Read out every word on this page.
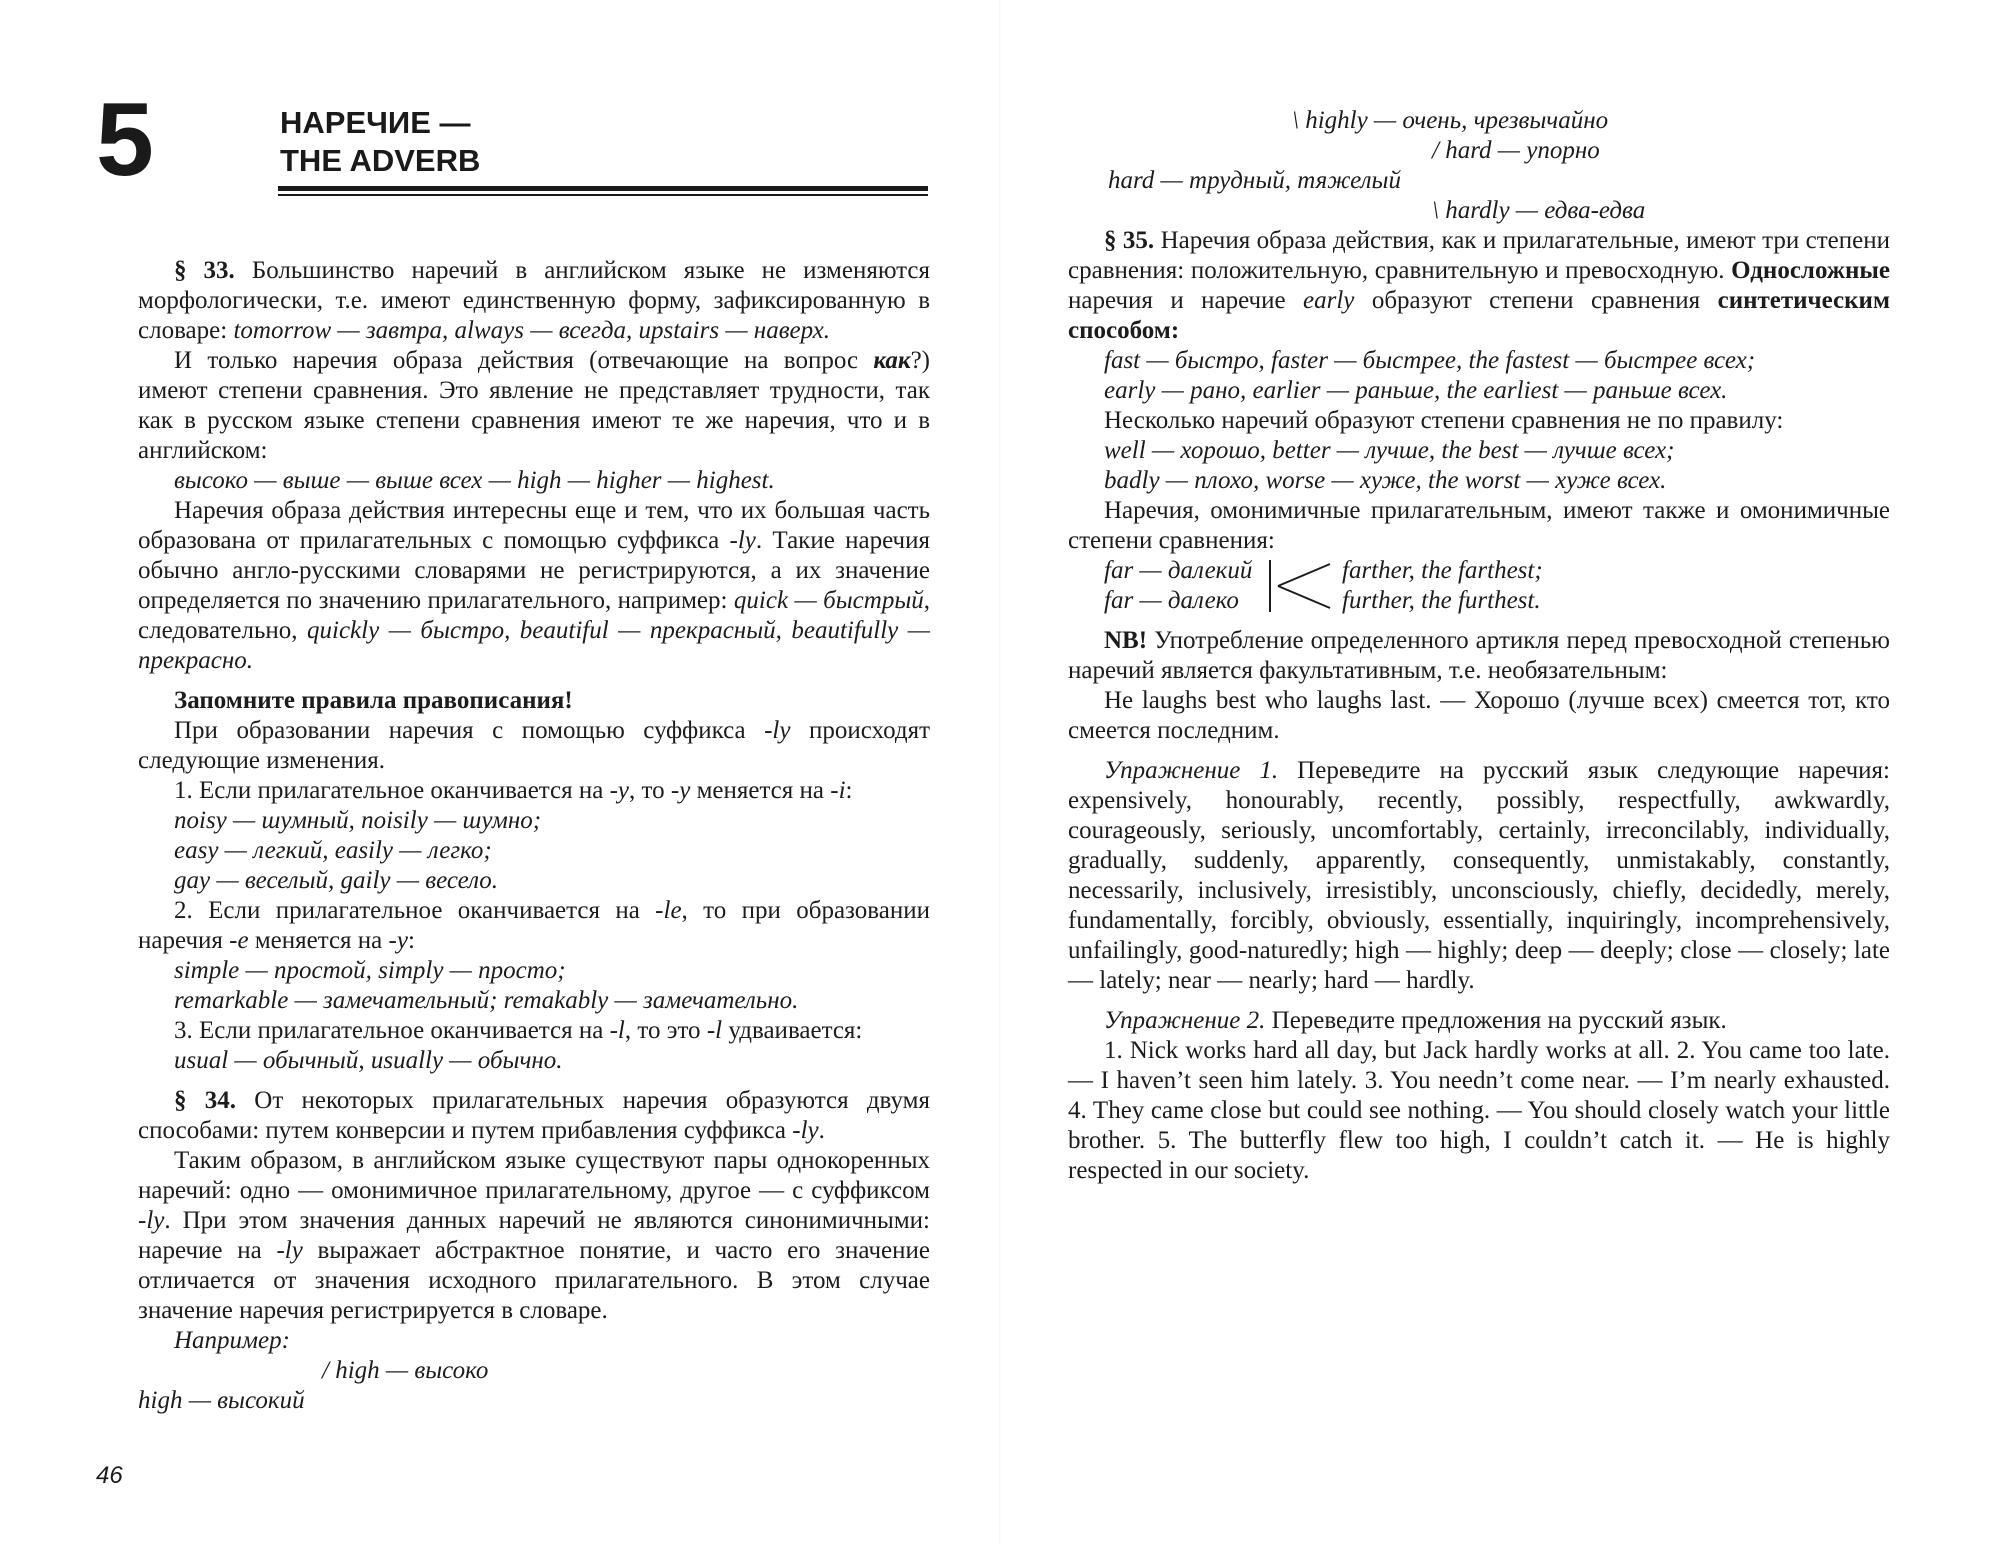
5	НАРЕЧИЕ —
THE ADVERB

§ 33. Большинство наречий в английском языке не изменяются морфологически, т.е. имеют единственную форму, зафиксированную в словаре: tomorrow — завтра, always — всегда, upstairs — наверх.

И только наречия образа действия (отвечающие на вопрос как?) имеют степени сравнения. Это явление не представляет трудности, так как в русском языке степени сравнения имеют те же наречия, что и в английском:

высоко — выше — выше всех — high — higher — highest.

Наречия образа действия интересны еще и тем, что их большая часть образована от прилагательных с помощью суффикса -ly. Такие наречия обычно англо-русскими словарями не регистрируются, а их значение определяется по значению прилагательного, например: quick — быстрый, следовательно, quickly — быстро, beautiful — прекрасный, beautifully — прекрасно.

Запомните правила правописания!

При образовании наречия с помощью суффикса -ly происходят следующие изменения.

1. Если прилагательное оканчивается на -y, то -y меняется на -i:

noisy — шумный, noisily — шумно;

easy — легкий, easily — легко;

gay — веселый, gaily — весело.

2. Если прилагательное оканчивается на -le, то при образовании наречия -e меняется на -y:

simple — простой, simply — просто;

remarkable — замечательный; remakably — замечательно.

3. Если прилагательное оканчивается на -l, то это -l удваивается:

usual — обычный, usually — обычно.

§ 34. От некоторых прилагательных наречия образуются двумя способами: путем конверсии и путем прибавления суффикса -ly.

Таким образом, в английском языке существуют пары однокоренных наречий: одно — омонимичное прилагательному, другое — с суффиксом -ly. При этом значения данных наречий не являются синонимичными: наречие на -ly выражает абстрактное понятие, и часто его значение отличается от значения исходного прилагательного. В этом случае значение наречия регистрируется в словаре.

Например:

/ high — высоко
high — высокий
46
\ highly — очень, чрезвычайно
/ hard — упорно
hard — трудный, тяжелый
\ hardly — едва-едва

§ 35. Наречия образа действия, как и прилагательные, имеют три степени сравнения: положительную, сравнительную и превосходную. Односложные наречия и наречие early образуют степени сравнения синтетическим способом:

fast — быстро, faster — быстрее, the fastest — быстрее всех;

early — рано, earlier — раньше, the earliest — раньше всех.

Несколько наречий образуют степени сравнения не по правилу:

well — хорошо, better — лучше, the best — лучше всех;

badly — плохо, worse — хуже, the worst — хуже всех.

Наречия, омонимичные прилагательным, имеют также и омонимичные степени сравнения:

far — далекий
far — далеко
farther, the farthest;
further, the furthest.

NB! Употребление определенного артикля перед превосходной степенью наречий является факультативным, т.е. необязательным:

He laughs best who laughs last. — Хорошо (лучше всех) смеется тот, кто смеется последним.

Упражнение 1. Переведите на русский язык следующие наречия: expensively, honourably, recently, possibly, respectfully, awkwardly, courageously, seriously, uncomfortably, certainly, irreconcilably, individually, gradually, suddenly, apparently, consequently, unmistakably, constantly, necessarily, inclusively, irresistibly, unconsciously, chiefly, decidedly, merely, fundamentally, forcibly, obviously, essentially, inquiringly, incomprehensively, unfailingly, good-naturedly; high — highly; deep — deeply; close — closely; late — lately; near — nearly; hard — hardly.

Упражнение 2. Переведите предложения на русский язык.

1. Nick works hard all day, but Jack hardly works at all. 2. You came too late. — I haven’t seen him lately. 3. You needn’t come near. — I’m nearly exhausted. 4. They came close but could see nothing. — You should closely watch your little brother. 5. The butterfly flew too high, I couldn’t catch it. — He is highly respected in our society.
